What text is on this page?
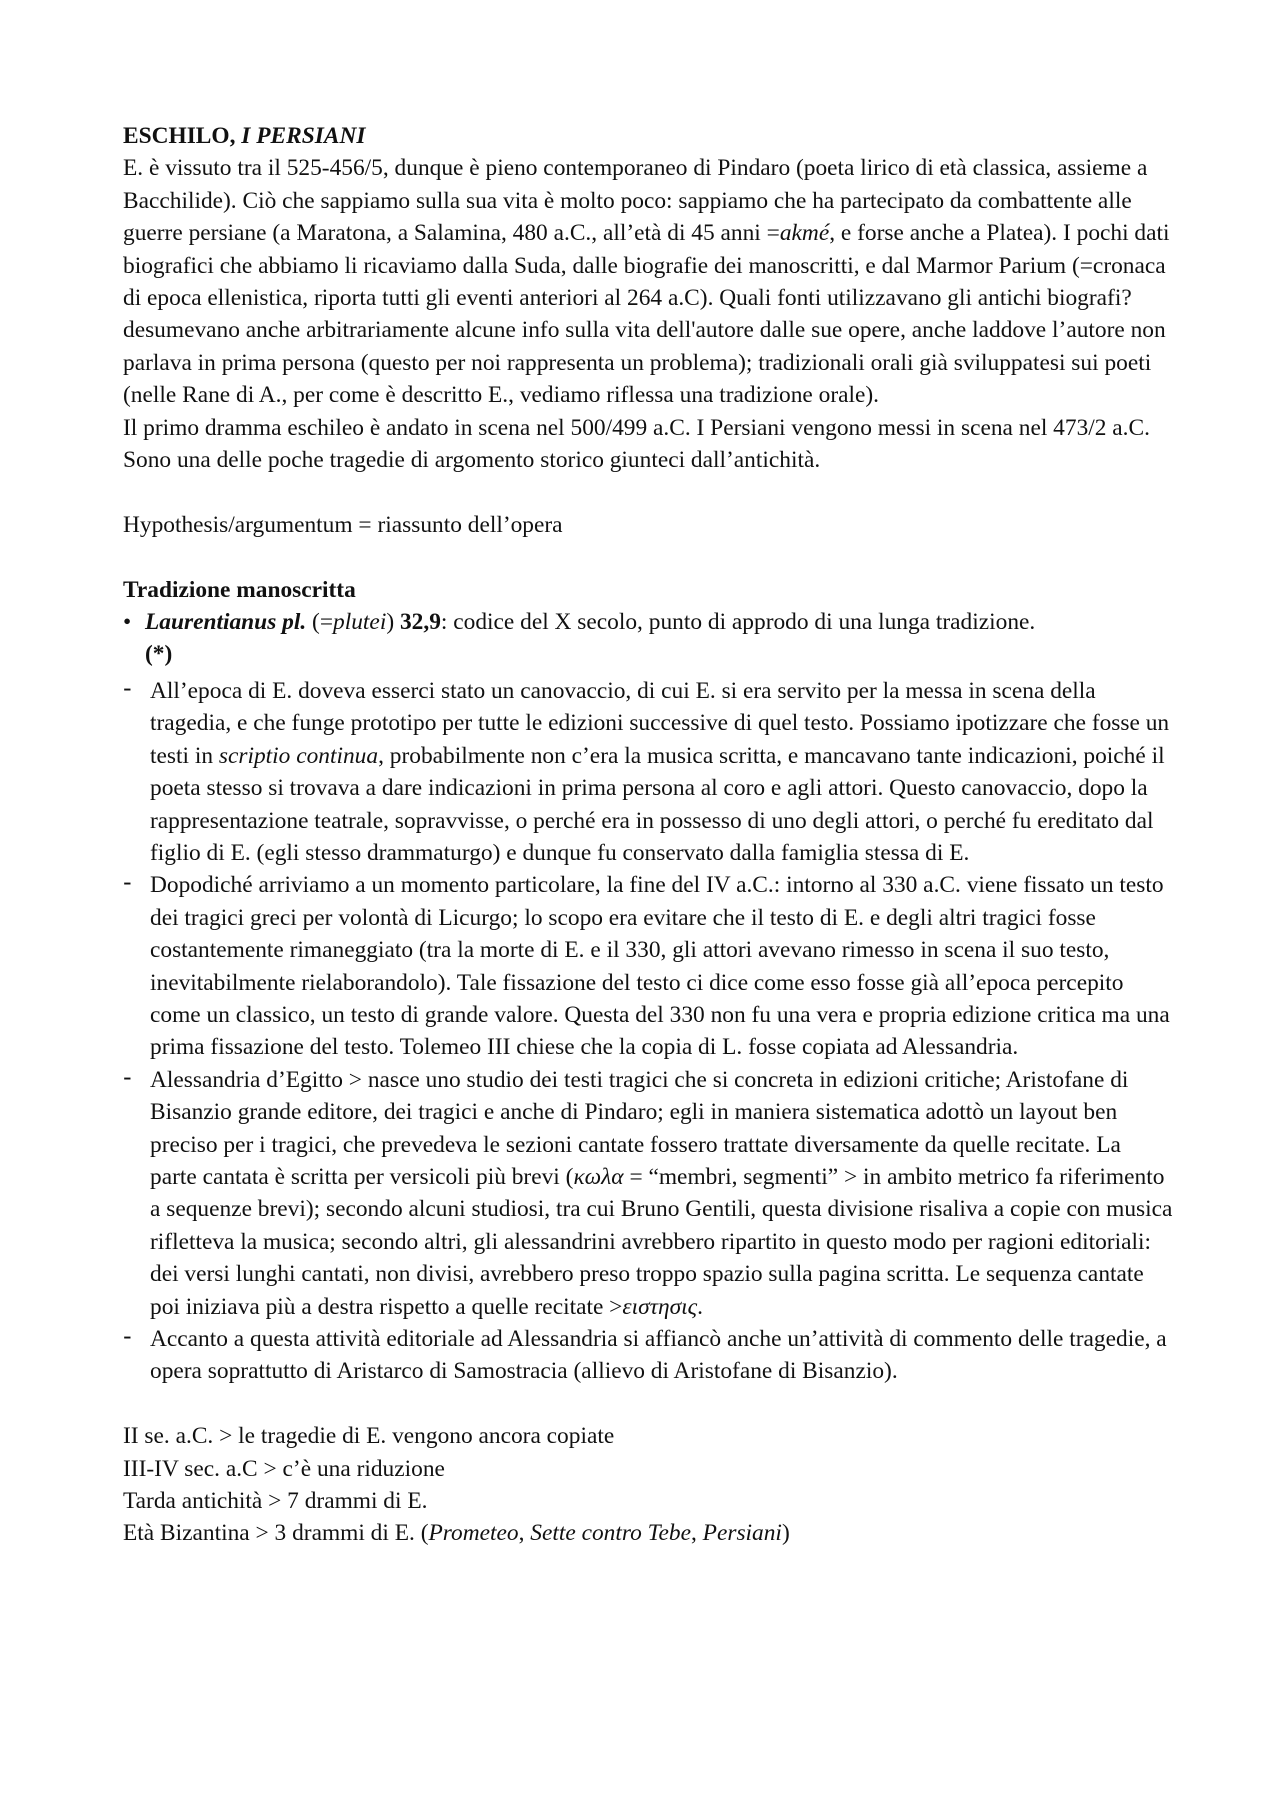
ESCHILO, I PERSIANI

E. è vissuto tra il 525-456/5, dunque è pieno contemporaneo di Pindaro (poeta lirico di età classica, assieme a Bacchilide). Ciò che sappiamo sulla sua vita è molto poco: sappiamo che ha partecipato da combattente alle guerre persiane (a Maratona, a Salamina, 480 a.C., all’età di 45 anni =akmé, e forse anche a Platea). I pochi dati biografici che abbiamo li ricaviamo dalla Suda, dalle biografie dei manoscritti, e dal Marmor Parium (=cronaca di epoca ellenistica, riporta tutti gli eventi anteriori al 264 a.C). Quali fonti utilizzavano gli antichi biografi? desumevano anche arbitrariamente alcune info sulla vita dell'autore dalle sue opere, anche laddove l’autore non parlava in prima persona (questo per noi rappresenta un problema); tradizionali orali già sviluppatesi sui poeti (nelle Rane di A., per come è descritto E., vediamo riflessa una tradizione orale).

Il primo dramma eschileo è andato in scena nel 500/499 a.C. I Persiani vengono messi in scena nel 473/2 a.C. Sono una delle poche tragedie di argomento storico giunteci dall’antichità.

Hypothesis/argumentum = riassunto dell’opera

Tradizione manoscritta

• Laurentianus pl. (=plutei) 32,9: codice del X secolo, punto di approdo di una lunga tradizione.
(*)
- All’epoca di E. doveva esserci stato un canovaccio, di cui E. si era servito per la messa in scena della tragedia, e che funge prototipo per tutte le edizioni successive di quel testo. Possiamo ipotizzare che fosse un testi in scriptio continua, probabilmente non c’era la musica scritta, e mancavano tante indicazioni, poiché il poeta stesso si trovava a dare indicazioni in prima persona al coro e agli attori. Questo canovaccio, dopo la rappresentazione teatrale, sopravvisse, o perché era in possesso di uno degli attori, o perché fu ereditato dal figlio di E. (egli stesso drammaturgo) e dunque fu conservato dalla famiglia stessa di E.
- Dopodiché arriviamo a un momento particolare, la fine del IV a.C.: intorno al 330 a.C. viene fissato un testo dei tragici greci per volontà di Licurgo; lo scopo era evitare che il testo di E. e degli altri tragici fosse costantemente rimaneggiato (tra la morte di E. e il 330, gli attori avevano rimesso in scena il suo testo, inevitabilmente rielaborandolo). Tale fissazione del testo ci dice come esso fosse già all’epoca percepito come un classico, un testo di grande valore. Questa del 330 non fu una vera e propria edizione critica ma una prima fissazione del testo. Tolemeo III chiese che la copia di L. fosse copiata ad Alessandria.
- Alessandria d’Egitto > nasce uno studio dei testi tragici che si concreta in edizioni critiche; Aristofane di Bisanzio grande editore, dei tragici e anche di Pindaro; egli in maniera sistematica adottò un layout ben preciso per i tragici, che prevedeva le sezioni cantate fossero trattate diversamente da quelle recitate. La parte cantata è scritta per versicoli più brevi (κωλα = “membri, segmenti” > in ambito metrico fa riferimento a sequenze brevi); secondo alcuni studiosi, tra cui Bruno Gentili, questa divisione risaliva a copie con musica rifletteva la musica; secondo altri, gli alessandrini avrebbero ripartito in questo modo per ragioni editoriali: dei versi lunghi cantati, non divisi, avrebbero preso troppo spazio sulla pagina scritta. Le sequenza cantate poi iniziava più a destra rispetto a quelle recitate >ειστησις.
- Accanto a questa attività editoriale ad Alessandria si affiancò anche un’attività di commento delle tragedie, a opera soprattutto di Aristarco di Samostracia (allievo di Aristofane di Bisanzio).

II se. a.C. > le tragedie di E. vengono ancora copiate

III-IV sec. a.C > c’è una riduzione

Tarda antichità > 7 drammi di E.

Età Bizantina > 3 drammi di E. (Prometeo, Sette contro Tebe, Persiani)
